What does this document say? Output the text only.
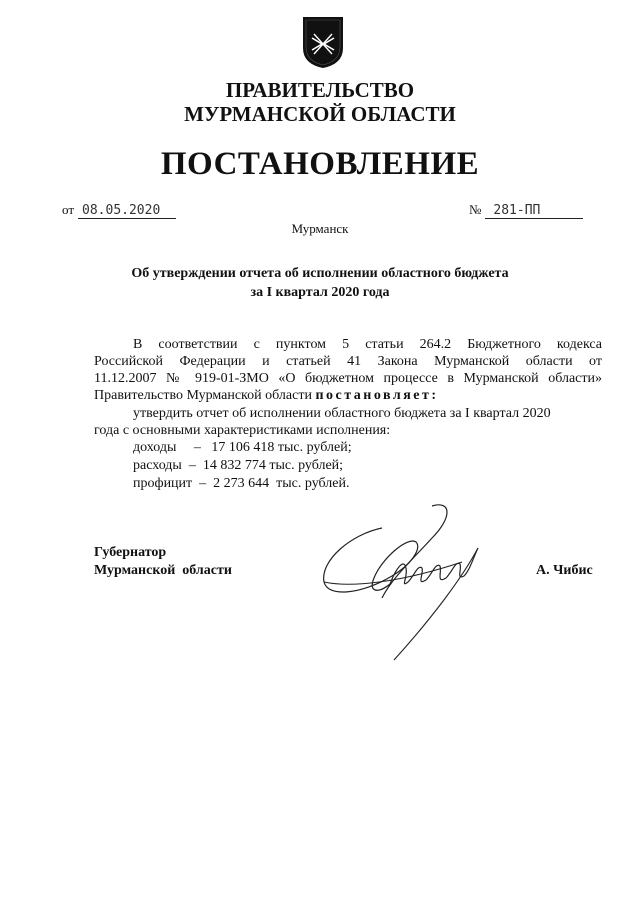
ПРАВИТЕЛЬСТВО
МУРМАНСКОЙ ОБЛАСТИ
ПОСТАНОВЛЕНИЕ
от 08.05.2020	№ 281-ПП
Мурманск
Об утверждении отчета об исполнении областного бюджета
за I квартал 2020 года
В соответствии с пунктом 5 статьи 264.2 Бюджетного кодекса
Российской Федерации и статьей 41 Закона Мурманской области от
11.12.2007 № 919-01-ЗМО «О бюджетном процессе в Мурманской области»
Правительство Мурманской области постановляет:
утвердить отчет об исполнении областного бюджета за I квартал 2020
года с основными характеристиками исполнения:
доходы     –   17 106 418 тыс. рублей;
расходы  –  14 832 774 тыс. рублей;
профицит  –  2 273 644  тыс. рублей.
Губернатор
Мурманской  области	А. Чибис
